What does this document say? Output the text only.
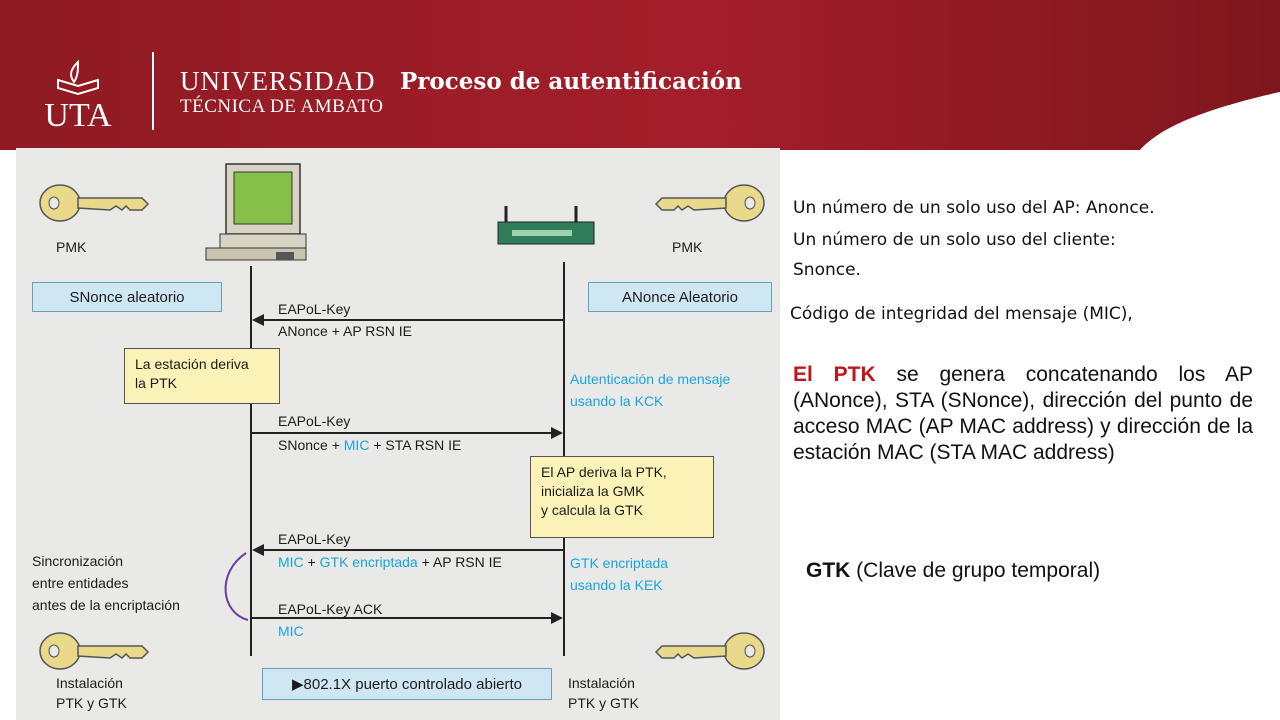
UTA
UNIVERSIDAD
TÉCNICA DE AMBATO
Proceso de autentificación
PMK	PMK
SNonce aleatorio	ANonce Aleatorio
EAPoL-Key
ANonce + AP RSN IE
La estación deriva
la PTK	Autenticación de mensaje
usando la KCK
EAPoL-Key
SNonce + MIC + STA RSN IE
El AP deriva la PTK,
inicializa la GMK
y calcula la GTK
EAPoL-Key
MIC + GTK encriptada + AP RSN IE	GTK encriptada
usando la KEK
Sincronización
entre entidades
antes de la encriptación	EAPoL-Key ACK
MIC
Instalación
PTK y GTK
Instalación
PTK y GTK
▶802.1X puerto controlado abierto
Un número de un solo uso del AP: Anonce.
Un número de un solo uso del cliente:
Snonce.
Código de integridad del mensaje (MIC),
El PTK se genera concatenando los AP (ANonce), STA (SNonce), dirección del punto de acceso MAC (AP MAC address) y dirección de la estación MAC (STA MAC address)
GTK (Clave de grupo temporal)
